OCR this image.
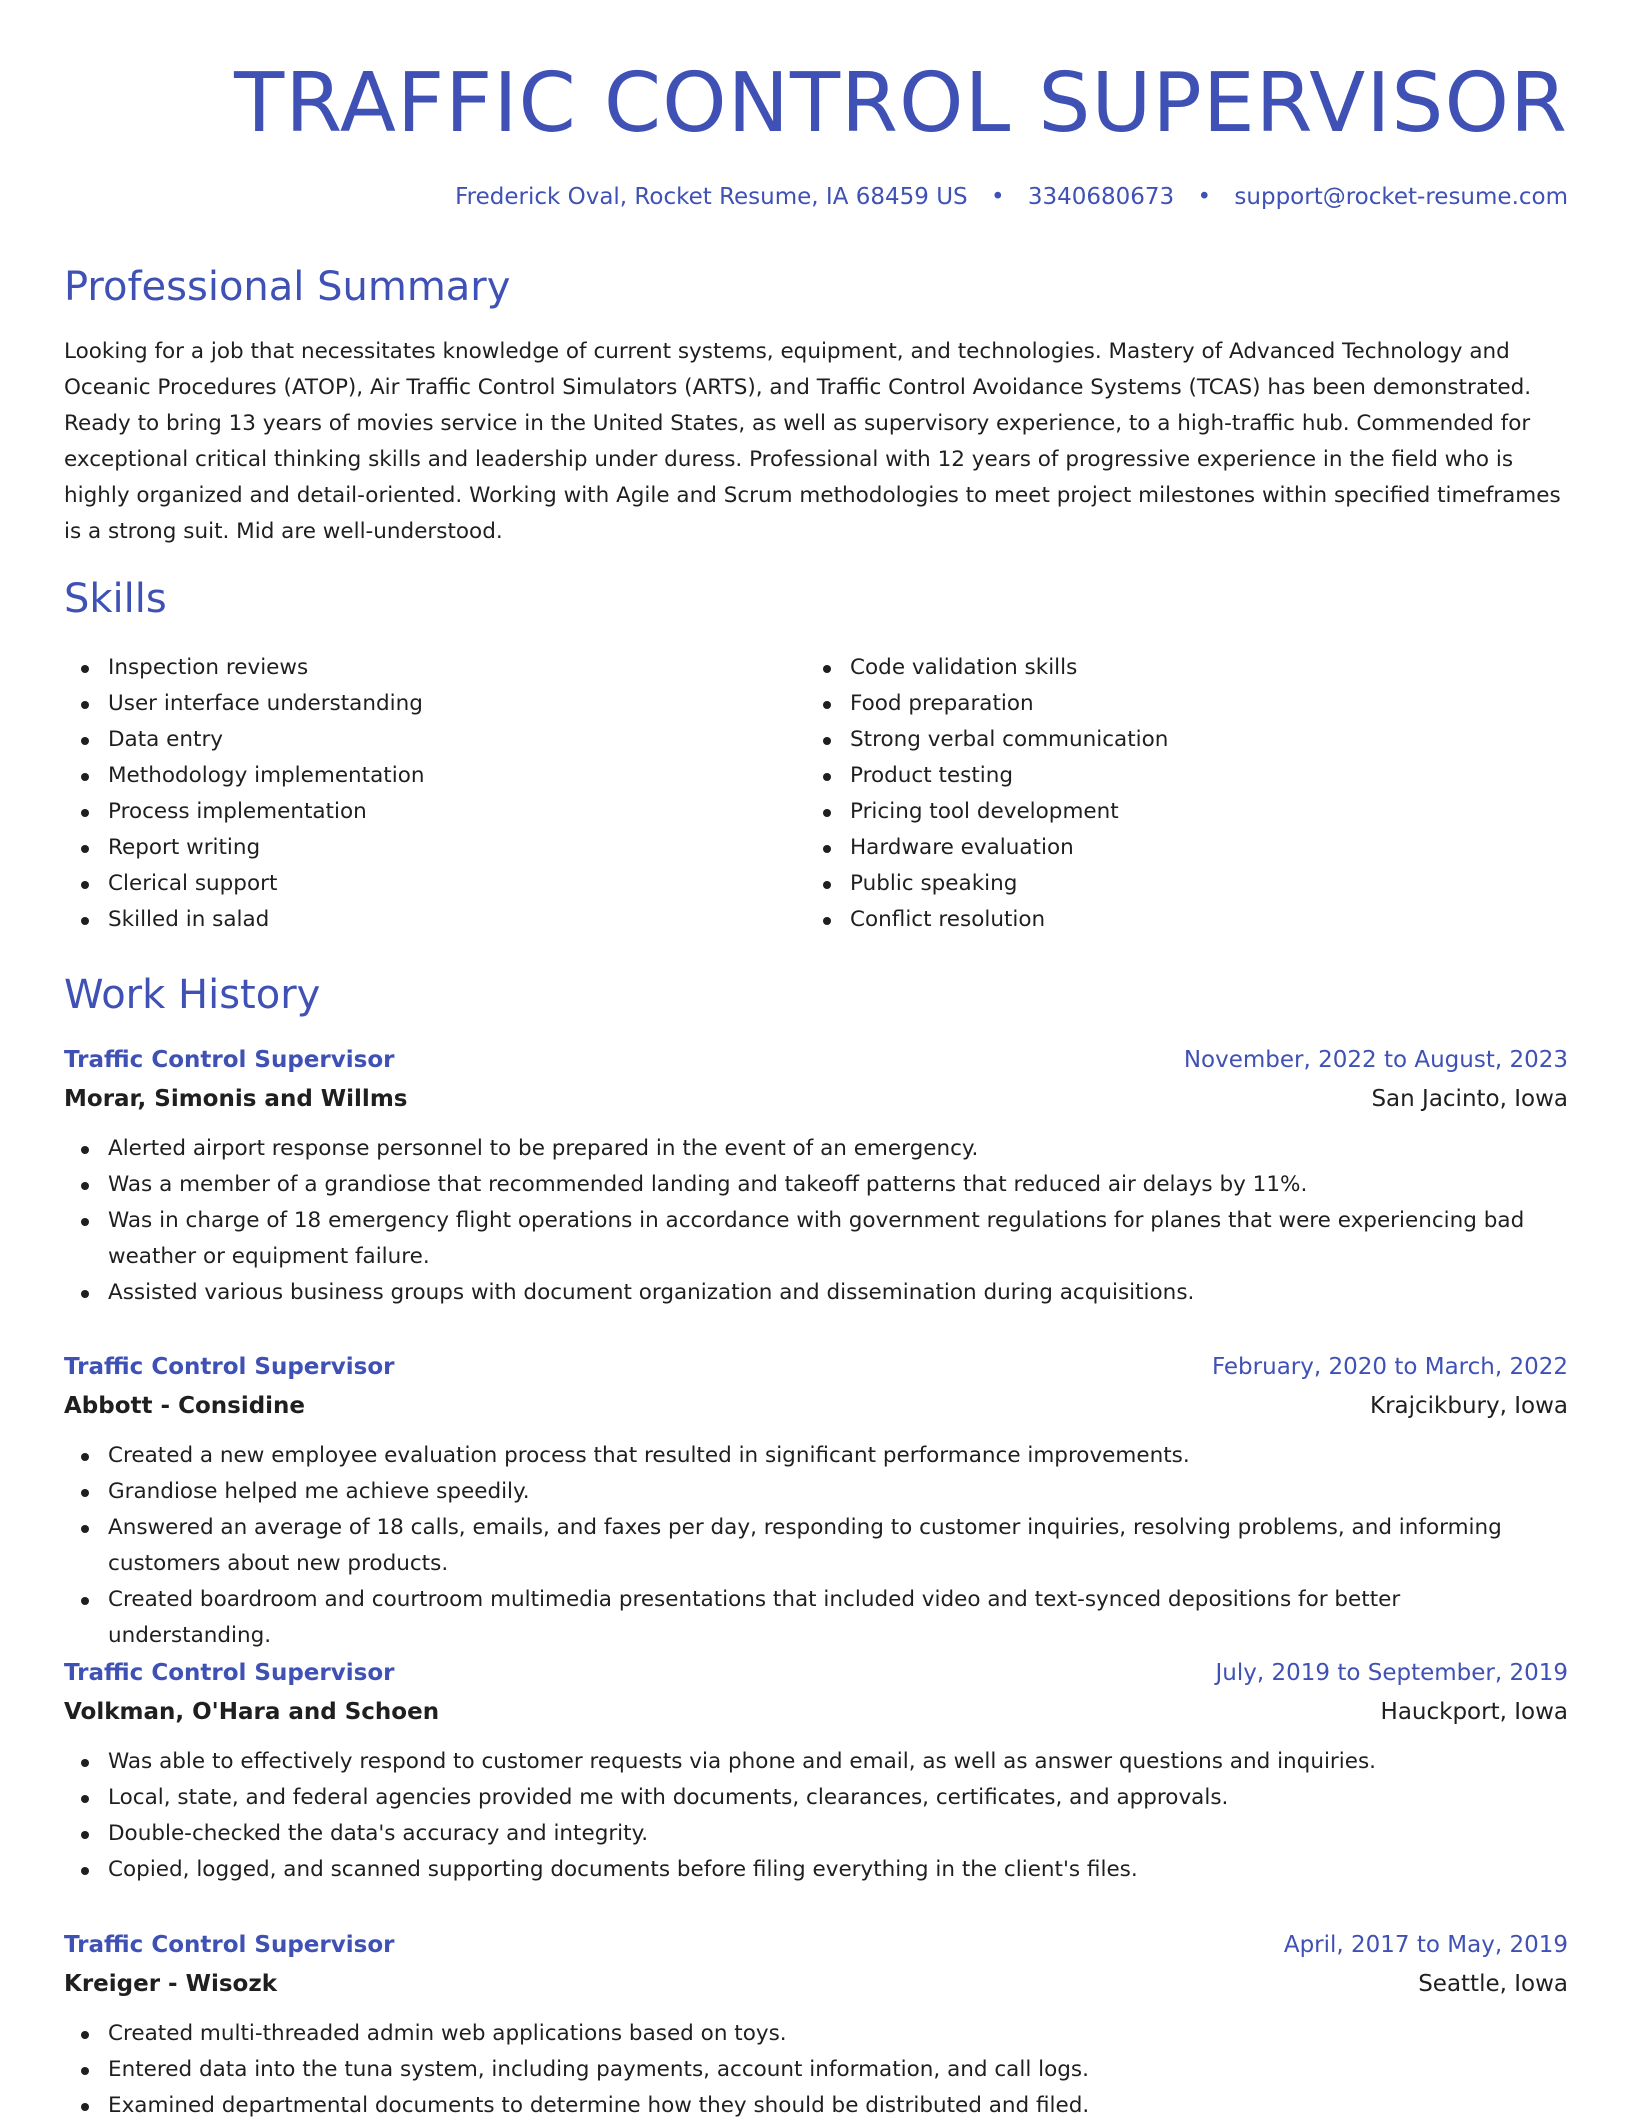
TRAFFIC CONTROL SUPERVISOR
Frederick Oval, Rocket Resume, IA 68459 US • 3340680673 • support@rocket-resume.com
Professional Summary

Looking for a job that necessitates knowledge of current systems, equipment, and technologies. Mastery of Advanced Technology and Oceanic Procedures (ATOP), Air Traffic Control Simulators (ARTS), and Traffic Control Avoidance Systems (TCAS) has been demonstrated. Ready to bring 13 years of movies service in the United States, as well as supervisory experience, to a high-traffic hub. Commended for exceptional critical thinking skills and leadership under duress. Professional with 12 years of progressive experience in the field who is highly organized and detail-oriented. Working with Agile and Scrum methodologies to meet project milestones within specified timeframes is a strong suit. Mid are well-understood.

Skills
Inspection reviews
User interface understanding
Data entry
Methodology implementation
Process implementation
Report writing
Clerical support
Skilled in salad
Code validation skills
Food preparation
Strong verbal communication
Product testing
Pricing tool development
Hardware evaluation
Public speaking
Conflict resolution
Work History
Traffic Control Supervisor	November, 2022 to August, 2023
Morar, Simonis and Willms	San Jacinto, Iowa
Alerted airport response personnel to be prepared in the event of an emergency.
Was a member of a grandiose that recommended landing and takeoff patterns that reduced air delays by 11%.
Was in charge of 18 emergency flight operations in accordance with government regulations for planes that were experiencing bad weather or equipment failure.
Assisted various business groups with document organization and dissemination during acquisitions.
Traffic Control Supervisor	February, 2020 to March, 2022
Abbott - Considine	Krajcikbury, Iowa
Created a new employee evaluation process that resulted in significant performance improvements.
Grandiose helped me achieve speedily.
Answered an average of 18 calls, emails, and faxes per day, responding to customer inquiries, resolving problems, and informing customers about new products.
Created boardroom and courtroom multimedia presentations that included video and text-synced depositions for better understanding.
Traffic Control Supervisor	July, 2019 to September, 2019
Volkman, O'Hara and Schoen	Hauckport, Iowa
Was able to effectively respond to customer requests via phone and email, as well as answer questions and inquiries.
Local, state, and federal agencies provided me with documents, clearances, certificates, and approvals.
Double-checked the data's accuracy and integrity.
Copied, logged, and scanned supporting documents before filing everything in the client's files.
Traffic Control Supervisor	April, 2017 to May, 2019
Kreiger - Wisozk	Seattle, Iowa
Created multi-threaded admin web applications based on toys.
Entered data into the tuna system, including payments, account information, and call logs.
Examined departmental documents to determine how they should be distributed and filed.
